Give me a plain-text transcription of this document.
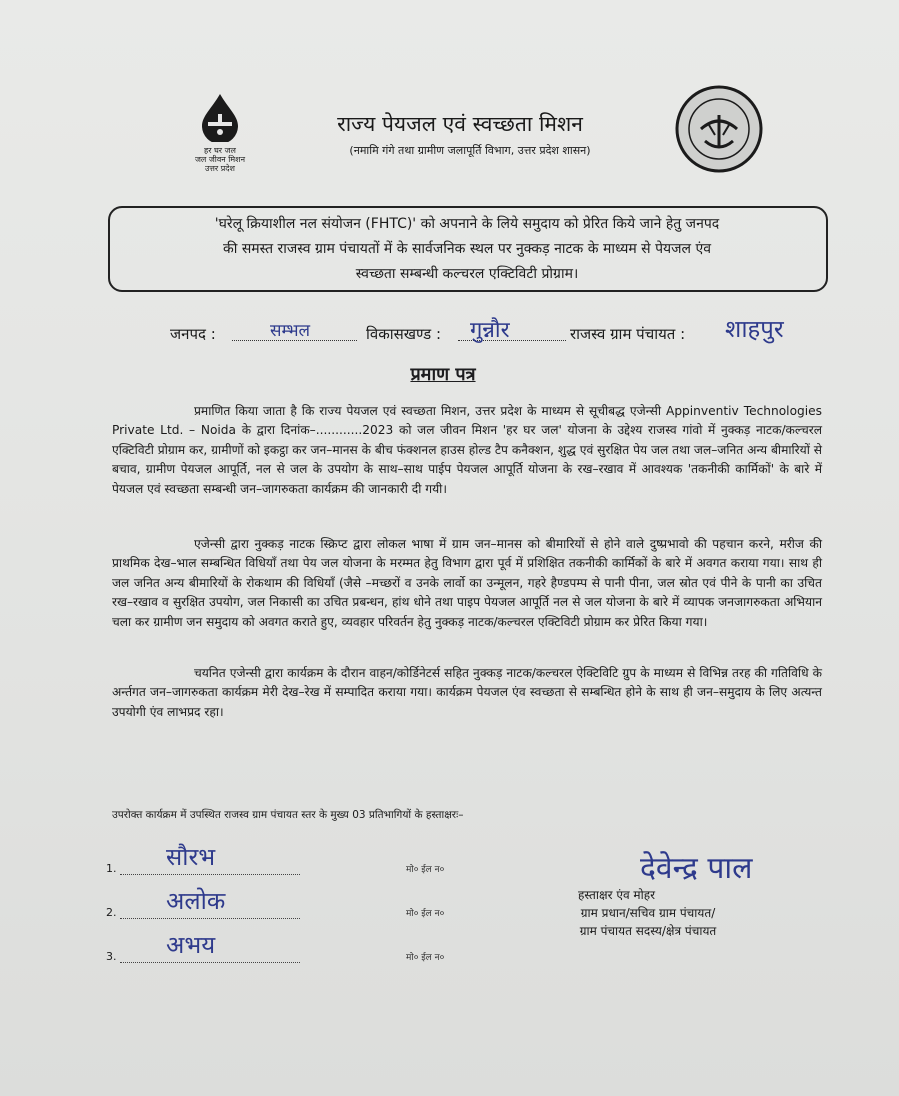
हर घर जल
जल जीवन मिशन
उत्तर प्रदेश
राज्य पेयजल एवं स्वच्छता मिशन
(नमामि गंगे तथा ग्रामीण जलापूर्ति विभाग, उत्तर प्रदेश शासन)
'घरेलू क्रियाशील नल संयोजन (FHTC)' को अपनाने के लिये समुदाय को प्रेरित किये जाने हेतु जनपद
की समस्त राजस्व ग्राम पंचायतों में के सार्वजनिक स्थल पर नुक्कड़ नाटक के माध्यम से पेयजल एंव
स्वच्छता सम्बन्धी कल्चरल एक्टिविटी प्रोग्राम।
जनपद :	सम्भल	विकासखण्ड : गुन्नौर	राजस्व ग्राम पंचायत : शाहपुर
प्रमाण पत्र
प्रमाणित किया जाता है कि राज्य पेयजल एवं स्वच्छता मिशन, उत्तर प्रदेश के माध्यम से सूचीबद्ध एजेन्सी Appinventiv Technologies Private Ltd. – Noida के द्वारा दिनांक–............2023 को जल जीवन मिशन 'हर घर जल' योजना के उद्देश्य राजस्व गांवो में नुक्कड़ नाटक/कल्चरल एक्टिविटी प्रोग्राम कर, ग्रामीणों को इकट्ठा कर जन–मानस के बीच फंक्शनल हाउस होल्ड टैप कनैक्शन, शुद्ध एवं सुरक्षित पेय जल तथा जल–जनित अन्य बीमारियों से बचाव, ग्रामीण पेयजल आपूर्ति, नल से जल के उपयोग के साथ–साथ पाईप पेयजल आपूर्ति योजना के रख–रखाव में आवश्यक 'तकनीकी कार्मिकों' के बारे में पेयजल एवं स्वच्छता सम्बन्धी जन–जागरुकता कार्यक्रम की जानकारी दी गयी।
एजेन्सी द्वारा नुक्कड़ नाटक स्क्रिप्ट द्वारा लोकल भाषा में ग्राम जन–मानस को बीमारियों से होने वाले दुष्प्रभावो की पहचान करने, मरीज की प्राथमिक देख–भाल सम्बन्धित विधियाँ तथा पेय जल योजना के मरम्मत हेतु विभाग द्वारा पूर्व में प्रशिक्षित तकनीकी कार्मिकों के बारे में अवगत कराया गया। साथ ही जल जनित अन्य बीमारियों के रोकथाम की विधियाँ (जैसे –मच्छरों व उनके लार्वो का उन्मूलन, गहरे हैण्डपम्प से पानी पीना, जल स्रोत एवं पीने के पानी का उचित रख–रखाव व सुरक्षित उपयोग, जल निकासी का उचित प्रबन्धन, हांथ धोने तथा पाइप पेयजल आपूर्ति नल से जल योजना के बारे में व्यापक जनजागरुकता अभियान चला कर ग्रामीण जन समुदाय को अवगत कराते हुए, व्यवहार परिवर्तन हेतु नुक्कड़ नाटक/कल्चरल एक्टिविटी प्रोग्राम कर प्रेरित किया गया।
चयनित एजेन्सी द्वारा कार्यक्रम के दौरान वाहन/कोर्डिनेटर्स सहित नुक्कड़ नाटक/कल्चरल ऐक्टिविटि ग्रुप के माध्यम से विभिन्न तरह की गतिविधि के अर्न्तगत जन–जागरुकता कार्यक्रम मेरी देख–रेख में सम्पादित कराया गया। कार्यक्रम पेयजल एंव स्वच्छता से सम्बन्धित होने के साथ ही जन–समुदाय के लिए अत्यन्त उपयोगी एंव लाभप्रद रहा।
उपरोक्त कार्यक्रम में उपस्थित राजस्व ग्राम पंचायत स्तर के मुख्य 03 प्रतिभागियों के हस्ताक्षरः–
1. सौरभ	मो० ईल न०
2. अलोक	मो० ईल न०
3. अभय	मो० ईल न०
देवेन्द्र पाल
हस्ताक्षर एंव मोहर
ग्राम प्रधान/सचिव ग्राम पंचायत/
ग्राम पंचायत सदस्य/क्षेत्र पंचायत
